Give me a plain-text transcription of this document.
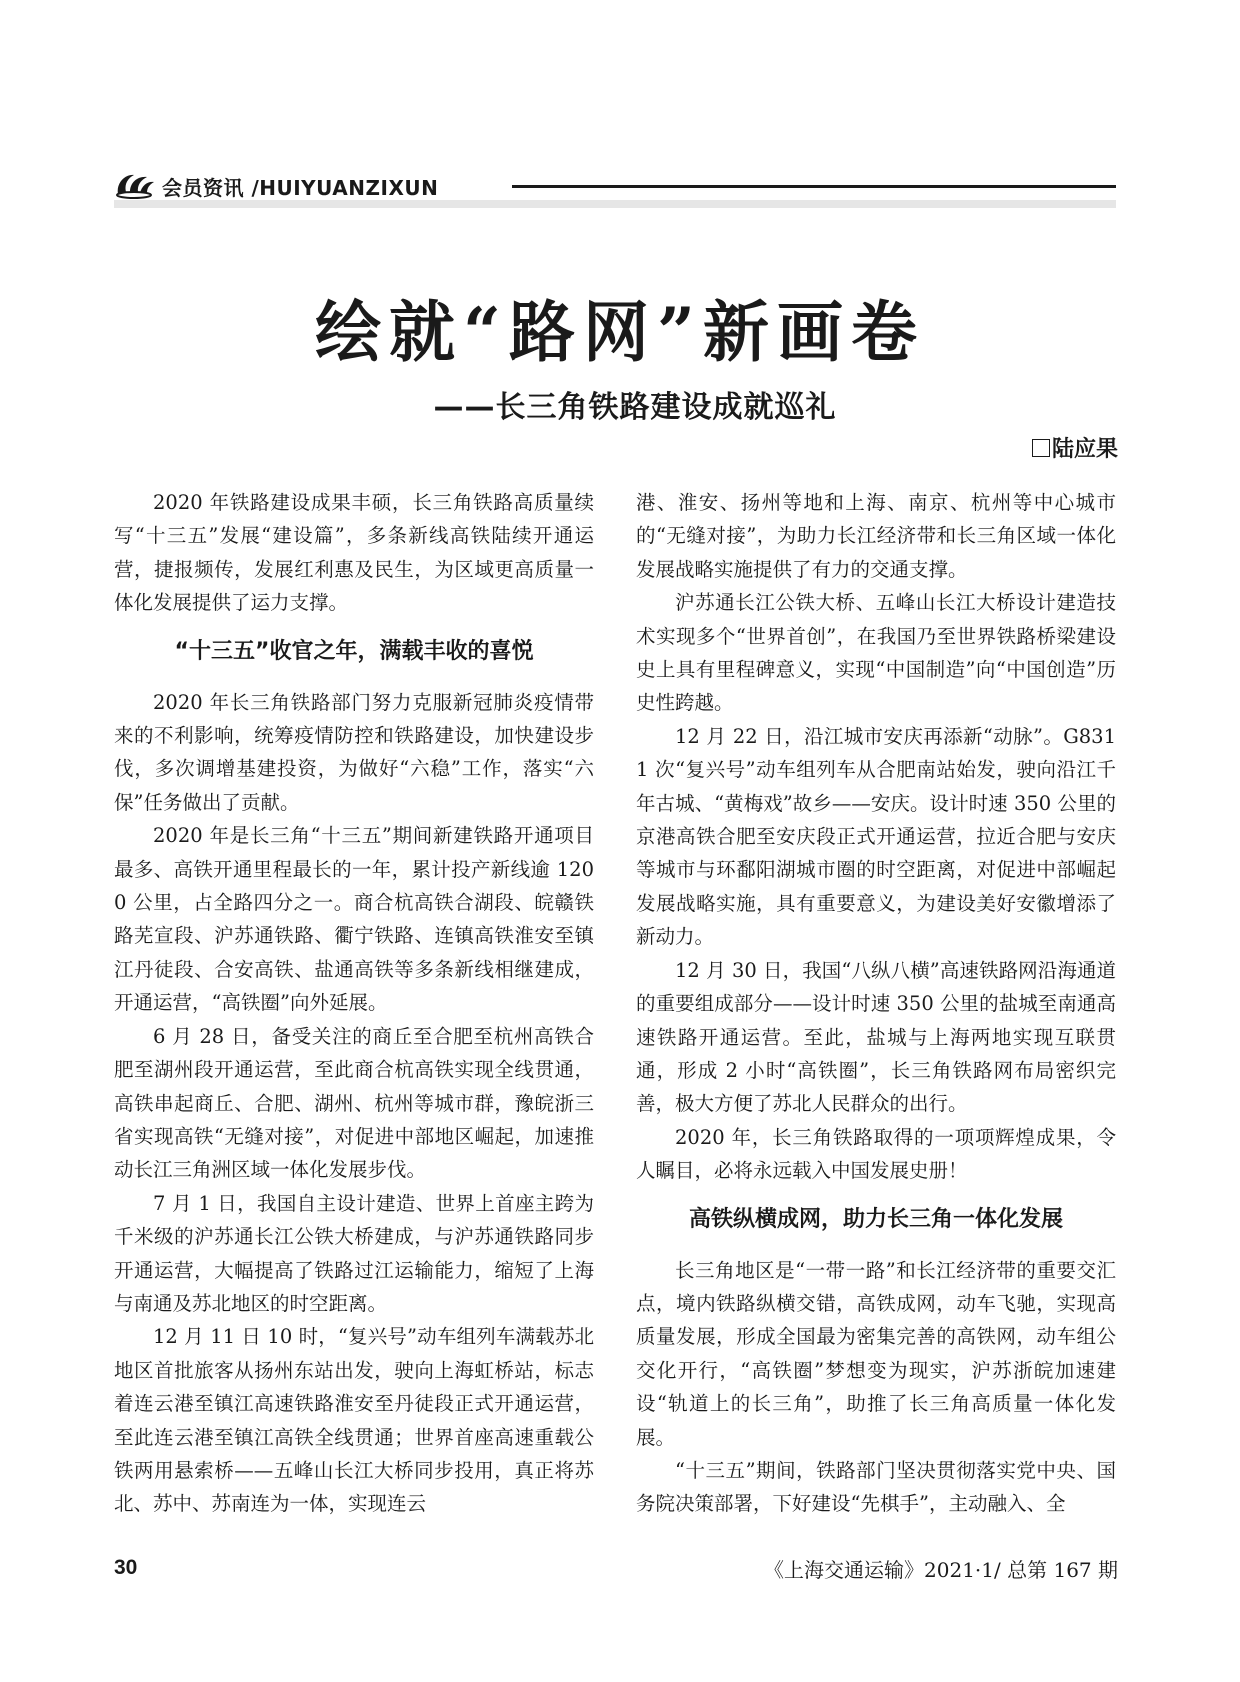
会员资讯 /HUIYUANZIXUN
绘就“路网”新画卷
——长三角铁路建设成就巡礼
陆应果

2020 年铁路建设成果丰硕，长三角铁路高质量续写“十三五”发展“建设篇”，多条新线高铁陆续开通运营，捷报频传，发展红利惠及民生，为区域更高质量一体化发展提供了运力支撑。

“十三五”收官之年，满载丰收的喜悦

2020 年长三角铁路部门努力克服新冠肺炎疫情带来的不利影响，统筹疫情防控和铁路建设，加快建设步伐，多次调增基建投资，为做好“六稳”工作，落实“六保”任务做出了贡献。

2020 年是长三角“十三五”期间新建铁路开通项目最多、高铁开通里程最长的一年，累计投产新线逾 1200 公里，占全路四分之一。商合杭高铁合湖段、皖赣铁路芜宣段、沪苏通铁路、衢宁铁路、连镇高铁淮安至镇江丹徒段、合安高铁、盐通高铁等多条新线相继建成，开通运营，“高铁圈”向外延展。

6 月 28 日，备受关注的商丘至合肥至杭州高铁合肥至湖州段开通运营，至此商合杭高铁实现全线贯通，高铁串起商丘、合肥、湖州、杭州等城市群，豫皖浙三省实现高铁“无缝对接”，对促进中部地区崛起，加速推动长江三角洲区域一体化发展步伐。

7 月 1 日，我国自主设计建造、世界上首座主跨为千米级的沪苏通长江公铁大桥建成，与沪苏通铁路同步开通运营，大幅提高了铁路过江运输能力，缩短了上海与南通及苏北地区的时空距离。

12 月 11 日 10 时，“复兴号”动车组列车满载苏北地区首批旅客从扬州东站出发，驶向上海虹桥站，标志着连云港至镇江高速铁路淮安至丹徒段正式开通运营，至此连云港至镇江高铁全线贯通；世界首座高速重载公铁两用悬索桥——五峰山长江大桥同步投用，真正将苏北、苏中、苏南连为一体，实现连云

港、淮安、扬州等地和上海、南京、杭州等中心城市的“无缝对接”，为助力长江经济带和长三角区域一体化发展战略实施提供了有力的交通支撑。

沪苏通长江公铁大桥、五峰山长江大桥设计建造技术实现多个“世界首创”，在我国乃至世界铁路桥梁建设史上具有里程碑意义，实现“中国制造”向“中国创造”历史性跨越。

12 月 22 日，沿江城市安庆再添新“动脉”。G8311 次“复兴号”动车组列车从合肥南站始发，驶向沿江千年古城、“黄梅戏”故乡——安庆。设计时速 350 公里的京港高铁合肥至安庆段正式开通运营，拉近合肥与安庆等城市与环鄱阳湖城市圈的时空距离，对促进中部崛起发展战略实施，具有重要意义，为建设美好安徽增添了新动力。

12 月 30 日，我国“八纵八横”高速铁路网沿海通道的重要组成部分——设计时速 350 公里的盐城至南通高速铁路开通运营。至此，盐城与上海两地实现互联贯通，形成 2 小时“高铁圈”，长三角铁路网布局密织完善，极大方便了苏北人民群众的出行。

2020 年，长三角铁路取得的一项项辉煌成果，令人瞩目，必将永远载入中国发展史册！

高铁纵横成网，助力长三角一体化发展

长三角地区是“一带一路”和长江经济带的重要交汇点，境内铁路纵横交错，高铁成网，动车飞驰，实现高质量发展，形成全国最为密集完善的高铁网，动车组公交化开行，“高铁圈”梦想变为现实，沪苏浙皖加速建设“轨道上的长三角”，助推了长三角高质量一体化发展。

“十三五”期间，铁路部门坚决贯彻落实党中央、国务院决策部署，下好建设“先棋手”，主动融入、全

30	《上海交通运输》2021·1/ 总第 167 期
